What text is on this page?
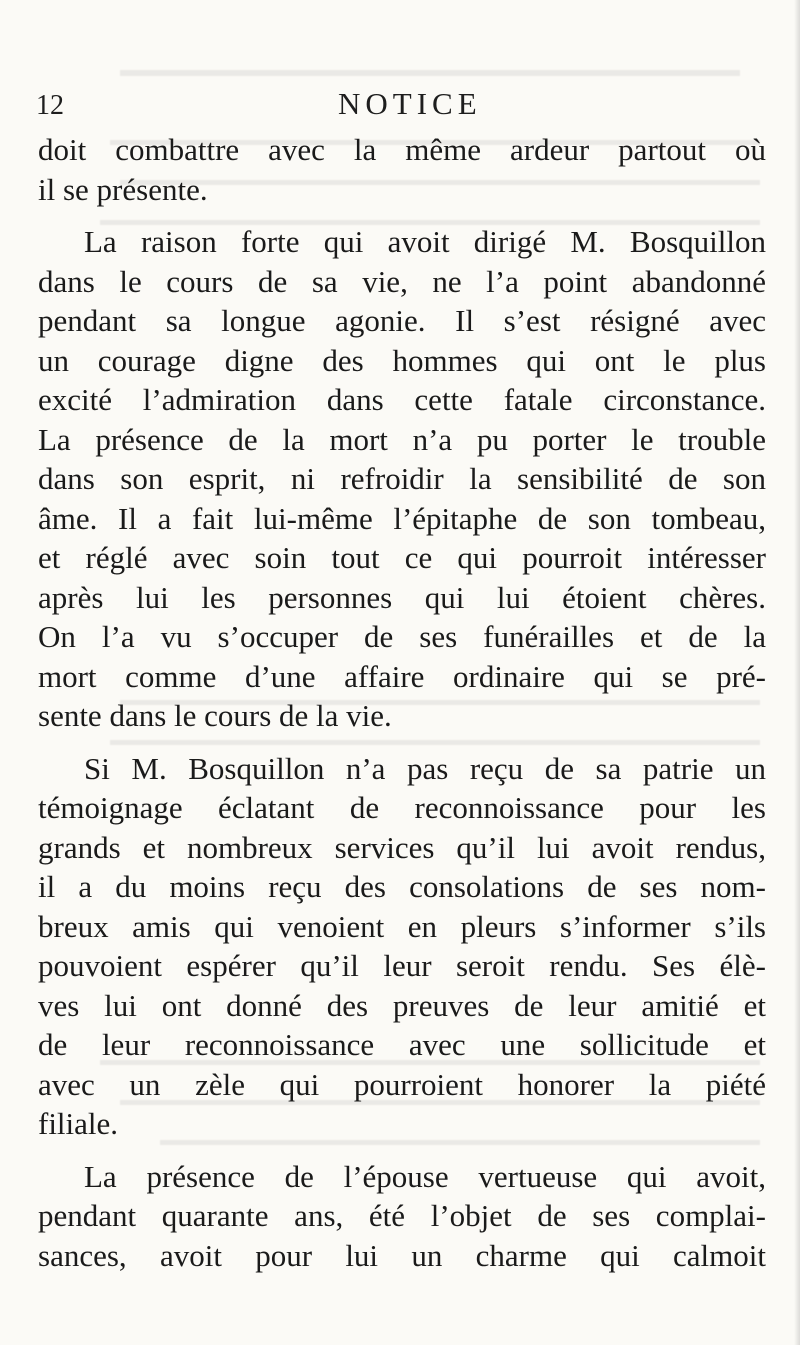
12	NOTICE

doit combattre avec la même ardeur partout où
il se présente.

La raison forte qui avoit dirigé M. Bosquillon
dans le cours de sa vie, ne l’a point abandonné
pendant sa longue agonie. Il s’est résigné avec
un courage digne des hommes qui ont le plus
excité l’admiration dans cette fatale circonstance.
La présence de la mort n’a pu porter le trouble
dans son esprit, ni refroidir la sensibilité de son
âme. Il a fait lui-même l’épitaphe de son tombeau,
et réglé avec soin tout ce qui pourroit intéresser
après lui les personnes qui lui étoient chères.
On l’a vu s’occuper de ses funérailles et de la
mort comme d’une affaire ordinaire qui se pré-
sente dans le cours de la vie.

Si M. Bosquillon n’a pas reçu de sa patrie un
témoignage éclatant de reconnoissance pour les
grands et nombreux services qu’il lui avoit rendus,
il a du moins reçu des consolations de ses nom-
breux amis qui venoient en pleurs s’informer s’ils
pouvoient espérer qu’il leur seroit rendu. Ses élè-
ves lui ont donné des preuves de leur amitié et
de leur reconnoissance avec une sollicitude et
avec un zèle qui pourroient honorer la piété
filiale.

La présence de l’épouse vertueuse qui avoit,
pendant quarante ans, été l’objet de ses complai-
sances, avoit pour lui un charme qui calmoit
